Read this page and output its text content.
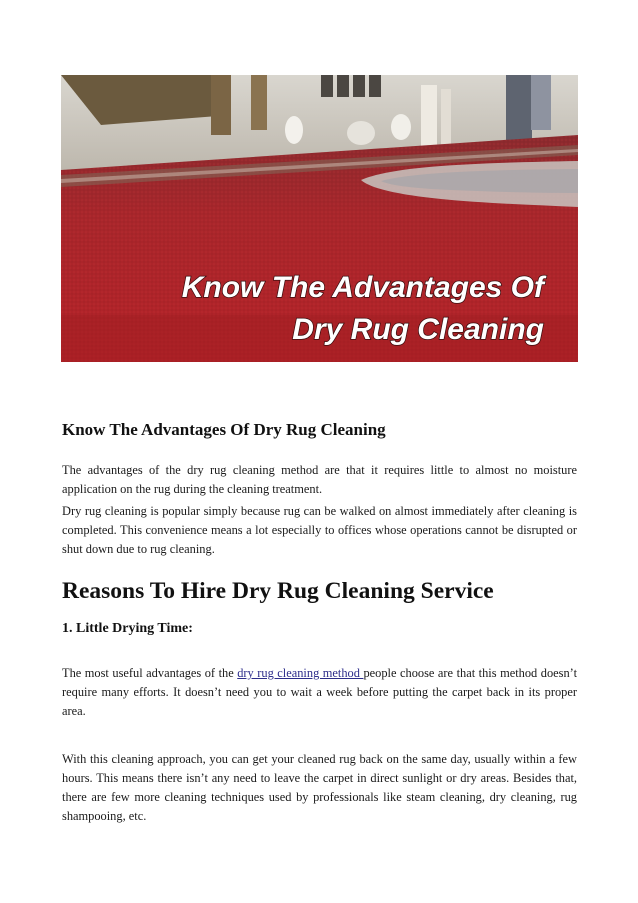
Know The Advantages Of
Dry Rug Cleaning
Know The Advantages Of Dry Rug Cleaning

The advantages of the dry rug cleaning method are that it requires little to almost no moisture application on the rug during the cleaning treatment.

Dry rug cleaning is popular simply because rug can be walked on almost immediately after cleaning is completed. This convenience means a lot especially to offices whose operations cannot be disrupted or shut down due to rug cleaning.

Reasons To Hire Dry Rug Cleaning Service
1. Little Drying Time:

The most useful advantages of the dry rug cleaning method people choose are that this method doesn’t require many efforts. It doesn’t need you to wait a week before putting the carpet back in its proper area.

With this cleaning approach, you can get your cleaned rug back on the same day, usually within a few hours. This means there isn’t any need to leave the carpet in direct sunlight or dry areas. Besides that, there are few more cleaning techniques used by professionals like steam cleaning, dry cleaning, rug shampooing, etc.
